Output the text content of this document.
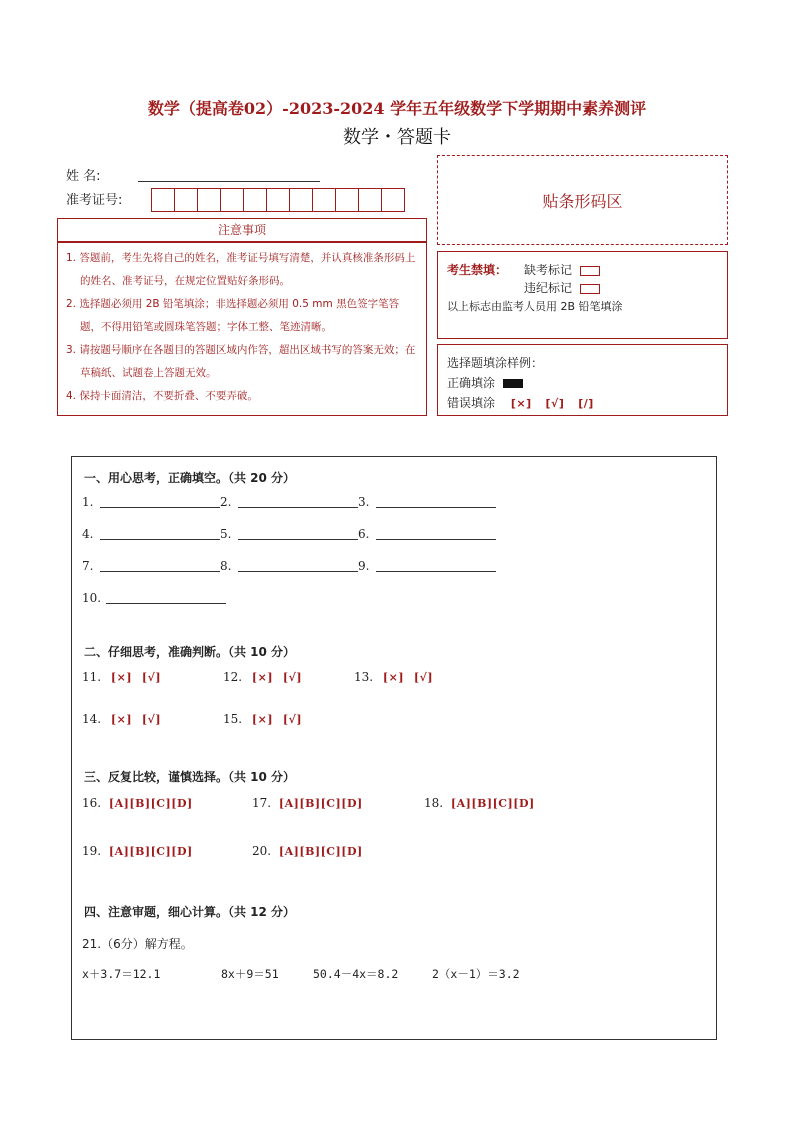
数学（提高卷02）-2023-2024 学年五年级数学下学期期中素养测评
数学・答题卡
姓 名:
准考证号:	贴条形码区
注意事项
1. 答题前，考生先将自己的姓名，准考证号填写清楚，并认真核准条形码上的姓名、准考证号，在规定位置贴好条形码。
2. 选择题必须用 2B 铅笔填涂；非选择题必须用 0.5 mm 黑色签字笔答题，不得用铅笔或圆珠笔答题；字体工整、笔迹清晰。
3. 请按题号顺序在各题目的答题区域内作答，超出区域书写的答案无效；在草稿纸、试题卷上答题无效。
4. 保持卡面清洁，不要折叠、不要弄破。
考生禁填： 缺考标记
违纪标记
以上标志由监考人员用 2B 铅笔填涂
选择题填涂样例：
正确填涂
错误填涂 [×] [√] [/]
一、用心思考，正确填空。（共 20 分）
1.	2.	3.
4.	5.	6.
7.	8.	9.
10.
二、仔细思考，准确判断。（共 10 分）
11. [×] [√]	12. [×] [√]	13. [×] [√]
14. [×] [√]	15. [×] [√]
三、反复比较，谨慎选择。（共 10 分）
16. [A][B][C][D]	17. [A][B][C][D]	18. [A][B][C][D]
19. [A][B][C][D]	20. [A][B][C][D]
四、注意审题，细心计算。（共 12 分）
21.（6分）解方程。
x＋3.7＝12.1	8x＋9＝51	50.4－4x＝8.2	2（x－1）＝3.2
